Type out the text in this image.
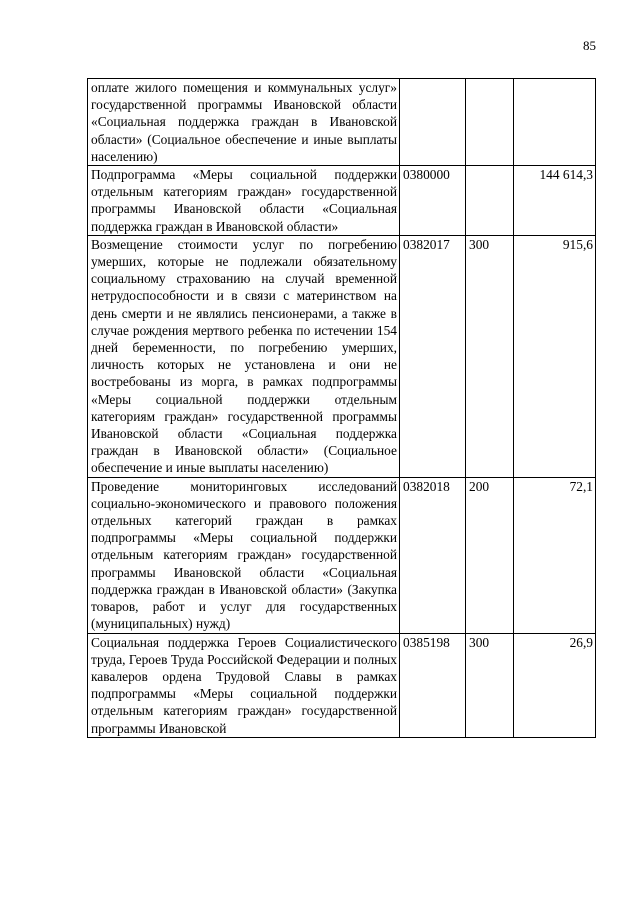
85
оплате жилого помещения и коммунальных услуг» государственной программы Ивановской области «Социальная поддержка граждан в Ивановской области» (Социальное обеспечение и иные выплаты населению)			
Подпрограмма «Меры социальной поддержки отдельным категориям граждан» государственной программы Ивановской области «Социальная поддержка граждан в Ивановской области»	0380000		144 614,3
Возмещение стоимости услуг по погребению умерших, которые не подлежали обязательному социальному страхованию на случай временной нетрудоспособности и в связи с материнством на день смерти и не являлись пенсионерами, а также в случае рождения мертвого ребенка по истечении 154 дней беременности, по погребению умерших, личность которых не установлена и они не востребованы из морга, в рамках подпрограммы «Меры социальной поддержки отдельным категориям граждан» государственной программы Ивановской области «Социальная поддержка граждан в Ивановской области» (Социальное обеспечение и иные выплаты населению)	0382017	300	915,6
Проведение мониторинговых исследований социально-экономического и правового положения отдельных категорий граждан в рамках подпрограммы «Меры социальной поддержки отдельным категориям граждан» государственной программы Ивановской области «Социальная поддержка граждан в Ивановской области» (Закупка товаров, работ и услуг для государственных (муниципальных) нужд)	0382018	200	72,1
Социальная поддержка Героев Социалистического труда, Героев Труда Российской Федерации и полных кавалеров ордена Трудовой Славы в рамках подпрограммы «Меры социальной поддержки отдельным категориям граждан» государственной программы Ивановской	0385198	300	26,9
